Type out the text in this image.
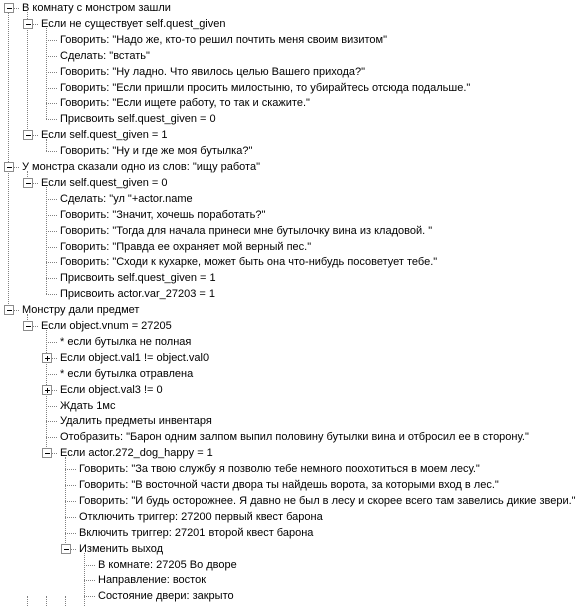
В комнату с монстром зашли
Если не существует self.quest_given
Говорить: "Надо же, кто-то решил почтить меня своим визитом"
Сделать: "встать"
Говорить: "Ну ладно. Что явилось целью Вашего прихода?"
Говорить: "Если пришли просить милостыню, то убирайтесь отсюда подальше."
Говорить: "Если ищете работу, то так и скажите."
Присвоить self.quest_given = 0
Если self.quest_given = 1
Говорить: "Ну и где же моя бутылка?"
У монстра сказали одно из слов: "ищу работа"
Если self.quest_given = 0
Сделать: "ул "+actor.name
Говорить: "Значит, хочешь поработать?"
Говорить: "Тогда для начала принеси мне бутылочку вина из кладовой. "
Говорить: "Правда ее охраняет мой верный пес."
Говорить: "Сходи к кухарке, может быть она что-нибудь посоветует тебе."
Присвоить self.quest_given = 1
Присвоить actor.var_27203 = 1
Монстру дали предмет
Если object.vnum = 27205
* если бутылка не полная
Если object.val1 != object.val0
* если бутылка отравлена
Если object.val3 != 0
Ждать 1мс
Удалить предметы инвентаря
Отобразить: "Барон одним залпом выпил половину бутылки вина и отбросил ее в сторону."
Если actor.272_dog_happy = 1
Говорить: "За твою службу я позволю тебе немного поохотиться в моем лесу."
Говорить: "В восточной части двора ты найдешь ворота, за которыми вход в лес."
Говорить: "И будь осторожнее. Я давно не был в лесу и скорее всего там завелись дикие звери."
Отключить триггер: 27200 первый квест барона
Включить триггер: 27201 второй квест барона
Изменить выход
В комнате: 27205 Во дворе
Направление: восток
Состояние двери: закрыто
